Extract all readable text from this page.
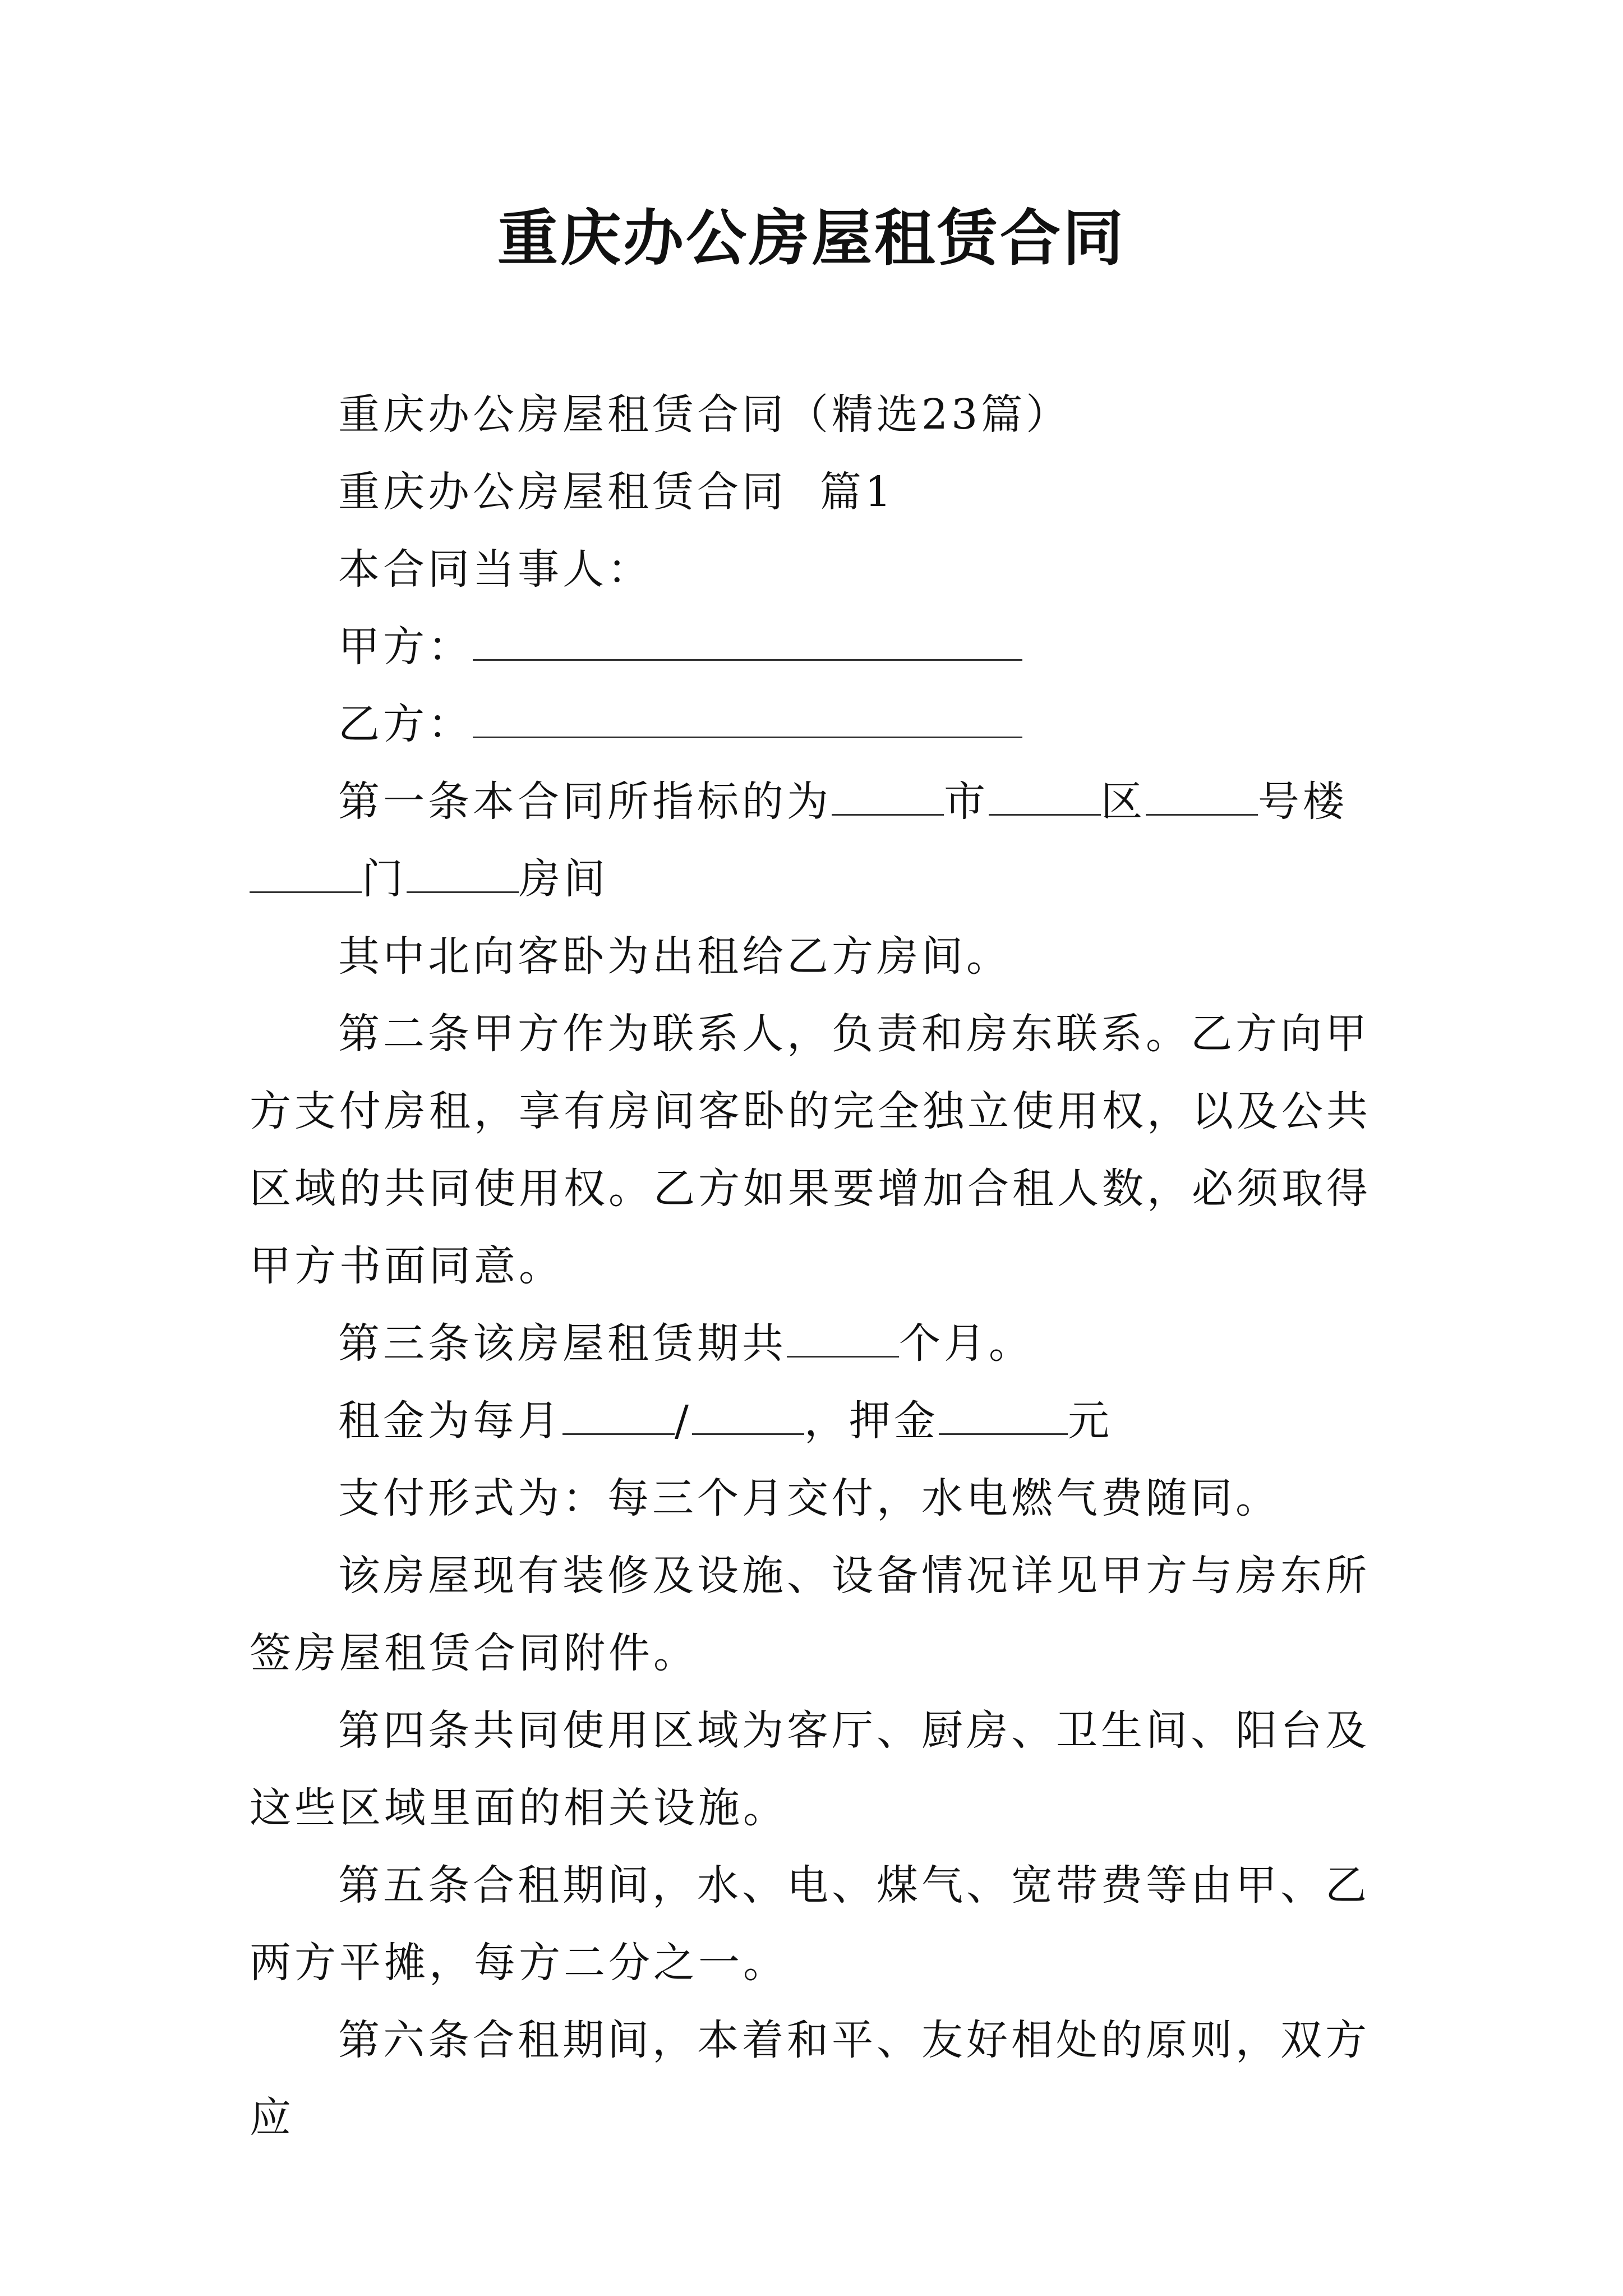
重庆办公房屋租赁合同

重庆办公房屋租赁合同（精选23篇）

重庆办公房屋租赁合同  篇1

本合同当事人：

甲方：

乙方：

第一条本合同所指标的为	市	区	号楼门	房间

其中北向客卧为出租给乙方房间。

第二条甲方作为联系人，负责和房东联系。乙方向甲方支付房租，享有房间客卧的完全独立使用权，以及公共区域的共同使用权。乙方如果要增加合租人数，必须取得甲方书面同意。

第三条该房屋租赁期共	个月。

租金为每月	/	，押金	元

支付形式为：每三个月交付，水电燃气费随同。

该房屋现有装修及设施、设备情况详见甲方与房东所签房屋租赁合同附件。

第四条共同使用区域为客厅、厨房、卫生间、阳台及这些区域里面的相关设施。

第五条合租期间，水、电、煤气、宽带费等由甲、乙两方平摊，每方二分之一。

第六条合租期间，本着和平、友好相处的原则，双方应
